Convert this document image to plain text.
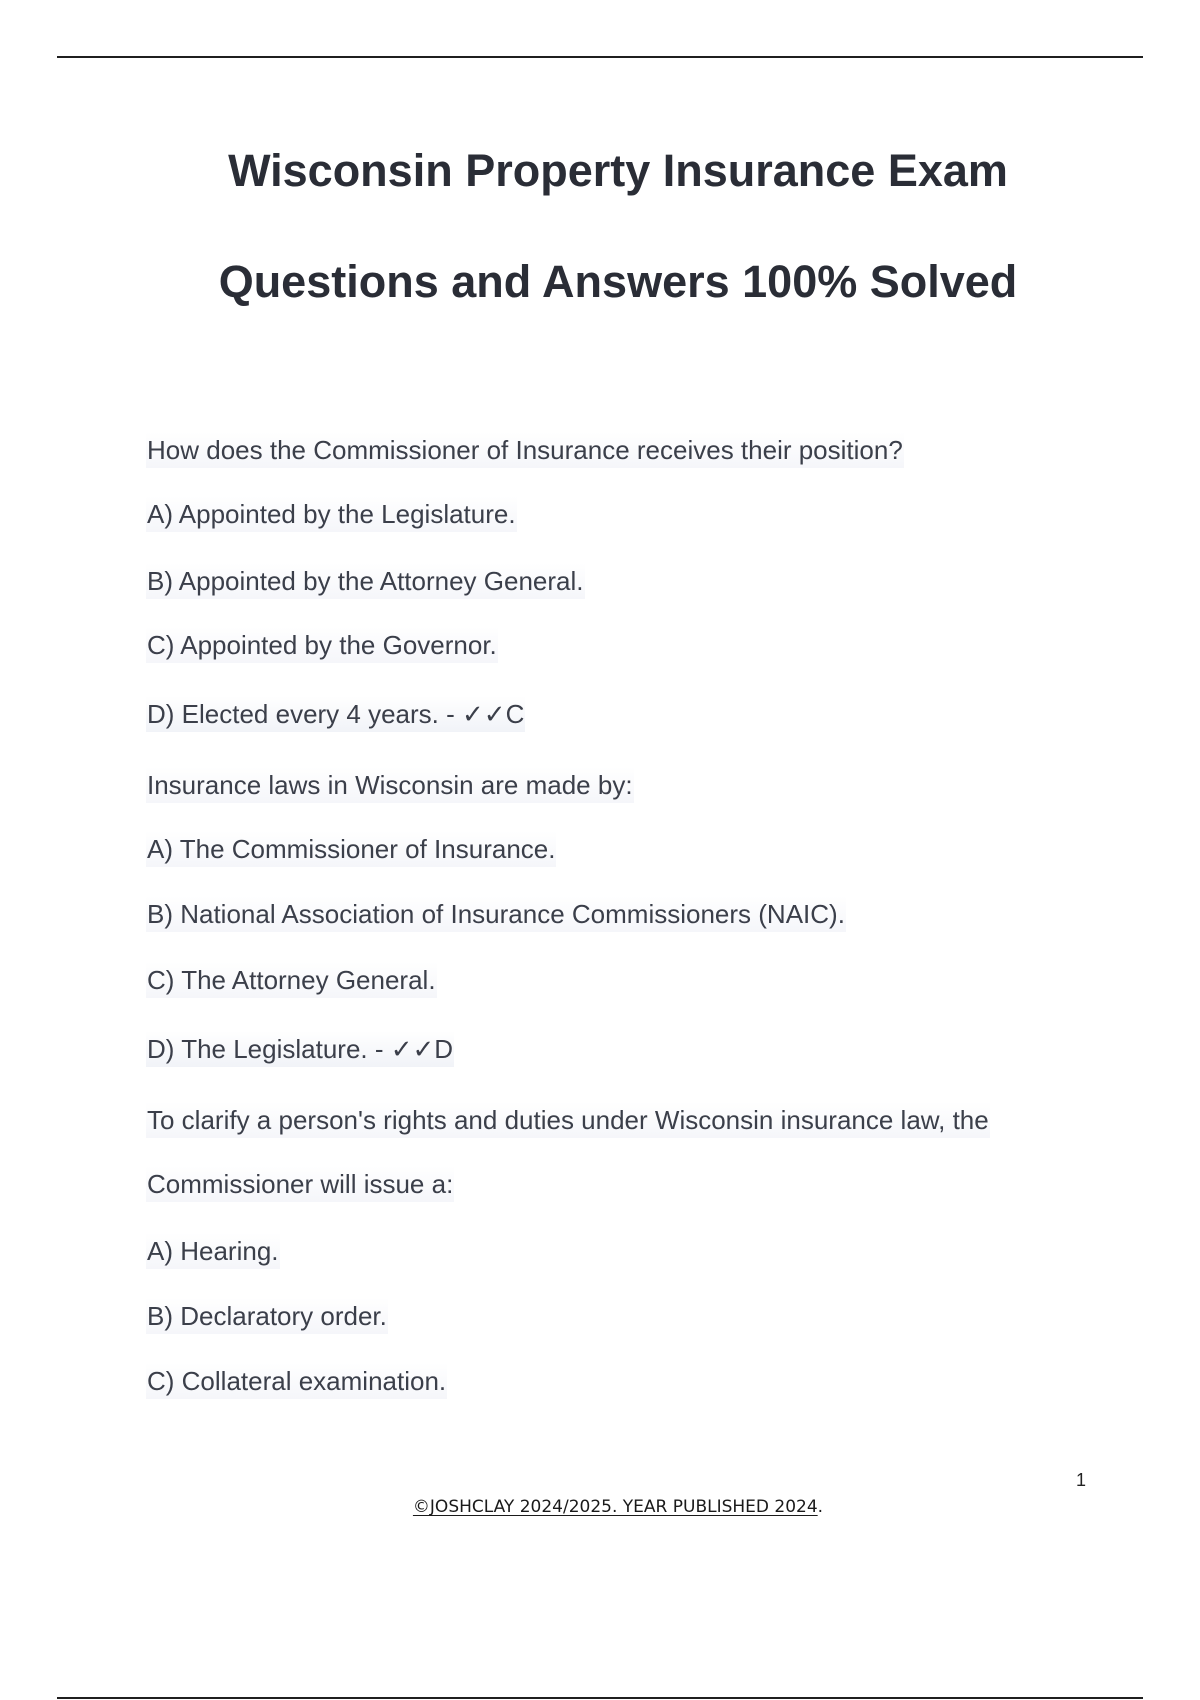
Wisconsin Property Insurance Exam
Questions and Answers 100% Solved
How does the Commissioner of Insurance receives their position?
A) Appointed by the Legislature.
B) Appointed by the Attorney General.
C) Appointed by the Governor.
D) Elected every 4 years. - ✓✓C
Insurance laws in Wisconsin are made by:
A) The Commissioner of Insurance.
B) National Association of Insurance Commissioners (NAIC).
C) The Attorney General.
D) The Legislature. - ✓✓D
To clarify a person's rights and duties under Wisconsin insurance law, the
Commissioner will issue a:
A) Hearing.
B) Declaratory order.
C) Collateral examination.
1
©JOSHCLAY 2024/2025. YEAR PUBLISHED 2024.
